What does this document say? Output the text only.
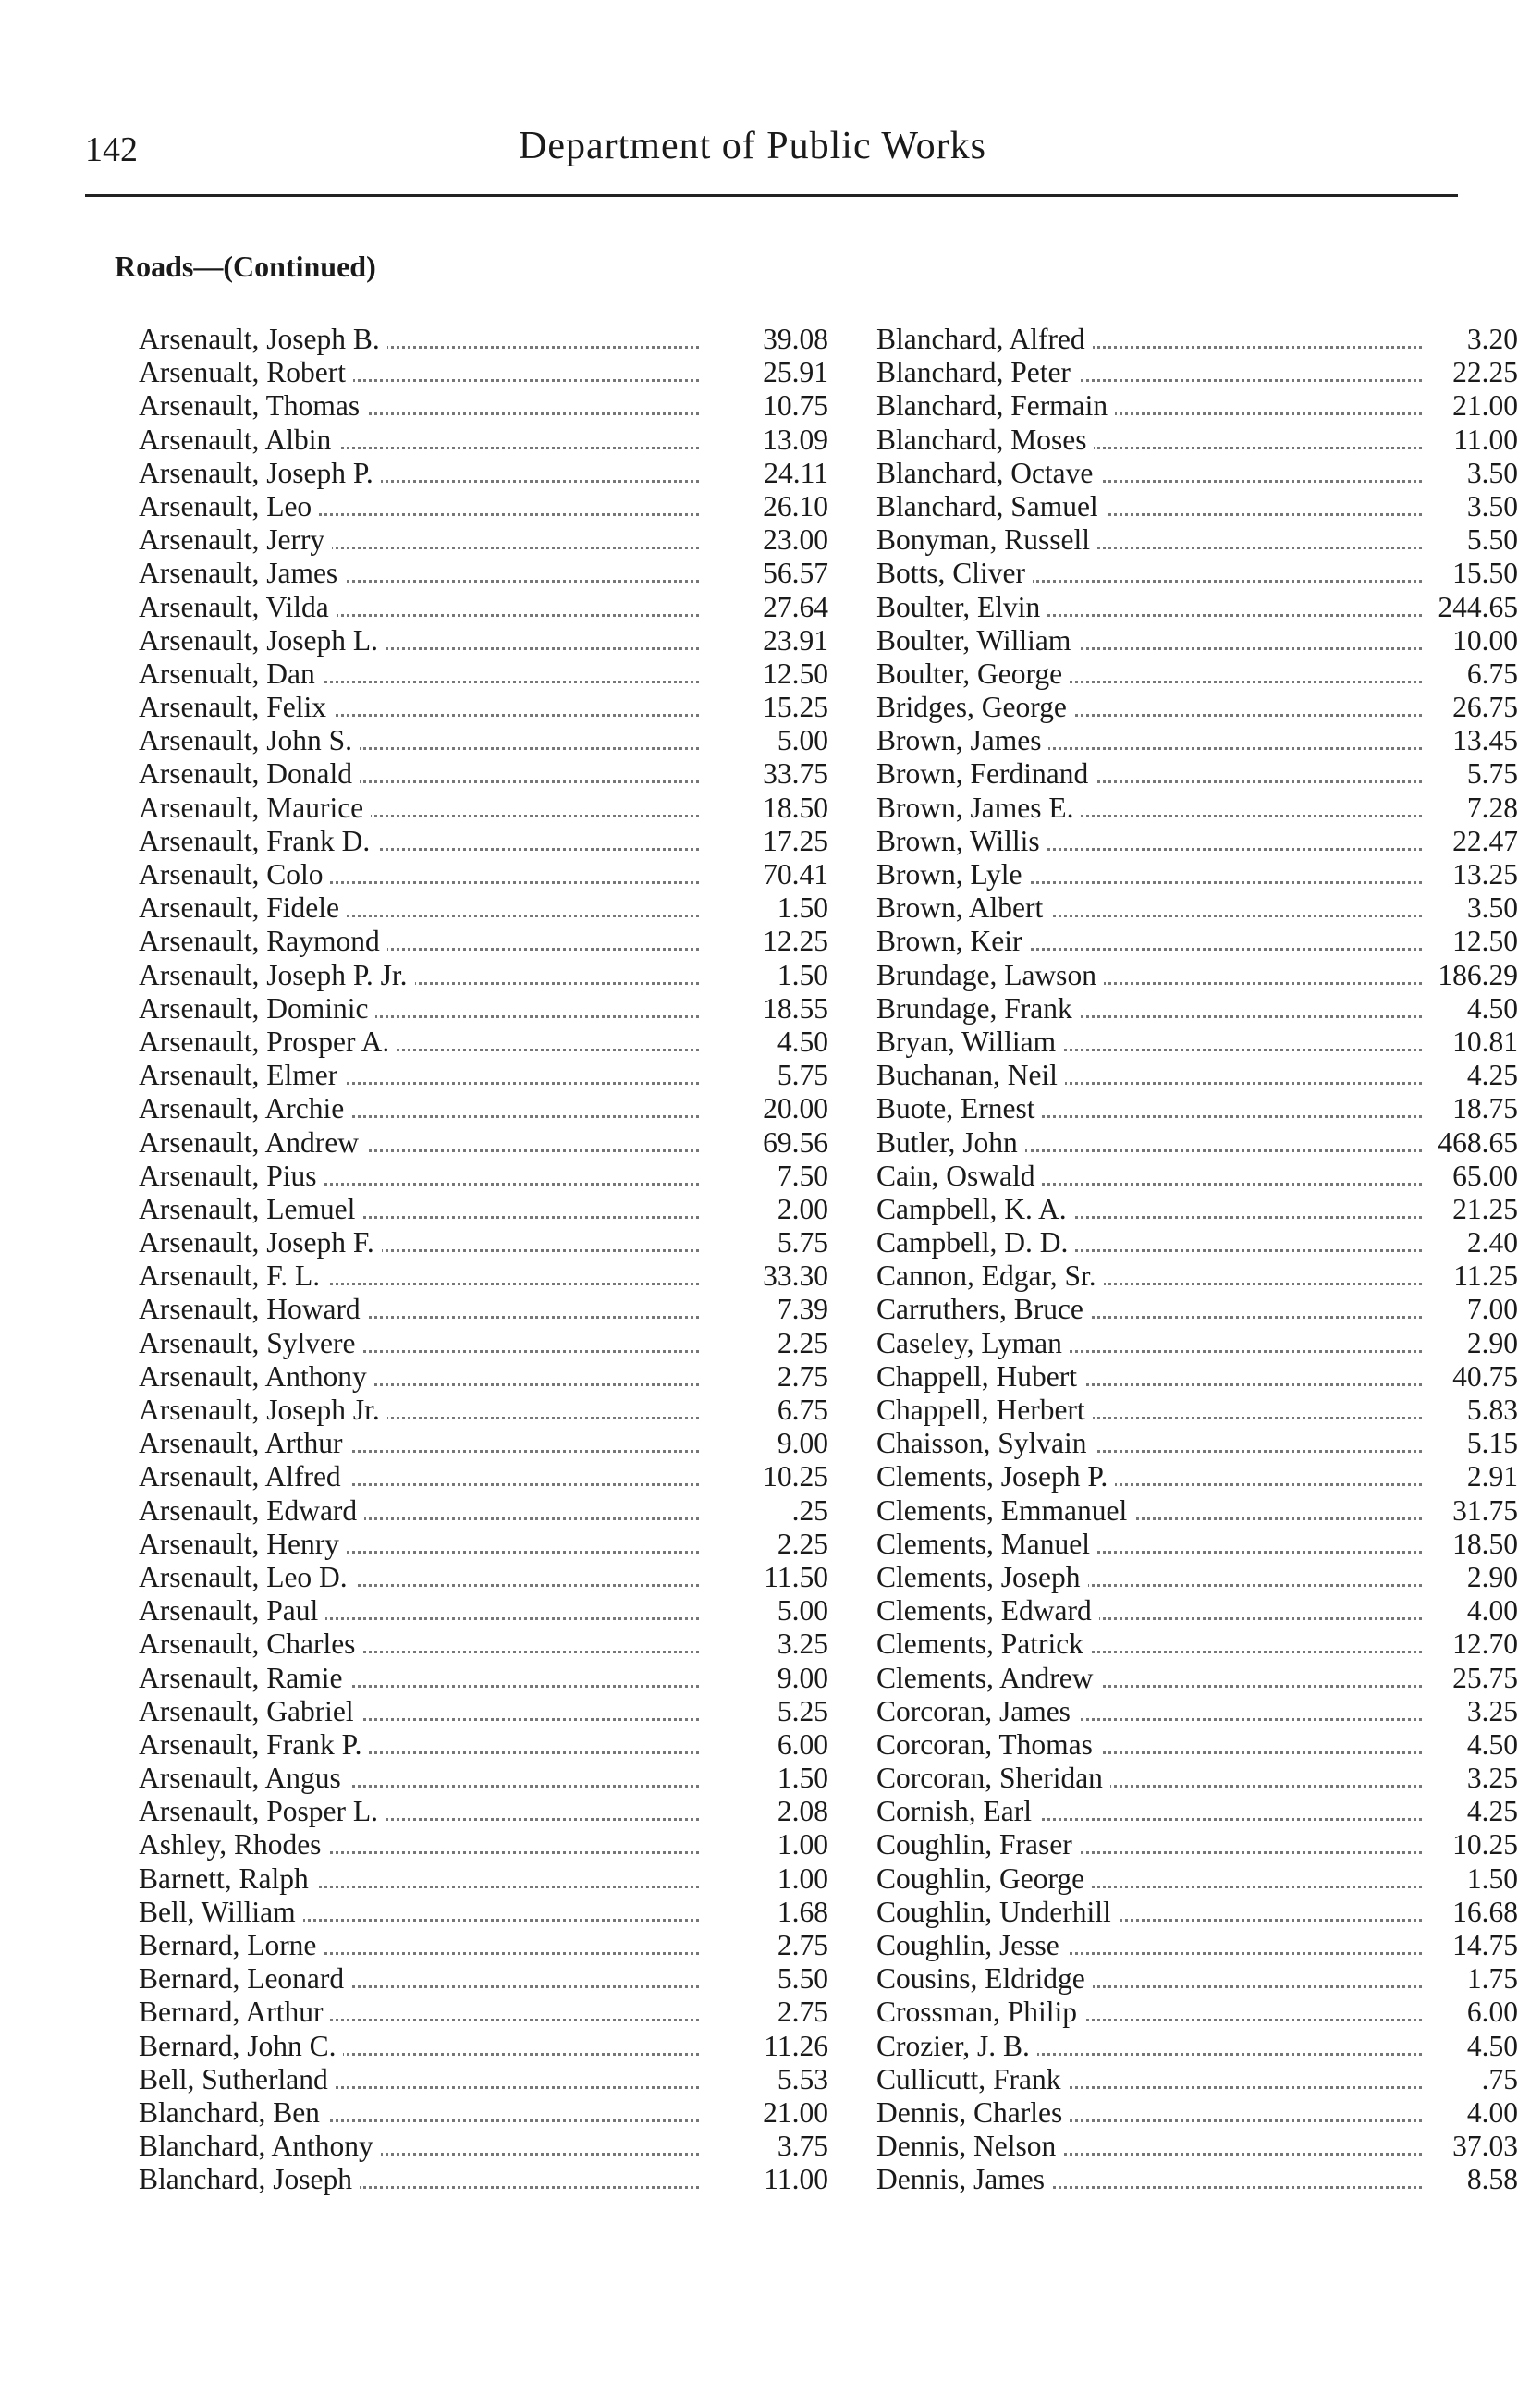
142	Department of Public Works
Roads—(Continued)
Arsenault, Joseph B.	39.08
Arsenualt, Robert	25.91
Arsenault, Thomas	10.75
Arsenault, Albin	13.09
Arsenault, Joseph P.	24.11
Arsenault, Leo	26.10
Arsenault, Jerry	23.00
Arsenault, James	56.57
Arsenault, Vilda	27.64
Arsenault, Joseph L.	23.91
Arsenualt, Dan	12.50
Arsenault, Felix	15.25
Arsenault, John S.	5.00
Arsenault, Donald	33.75
Arsenault, Maurice	18.50
Arsenault, Frank D.	17.25
Arsenault, Colo	70.41
Arsenault, Fidele	1.50
Arsenault, Raymond	12.25
Arsenault, Joseph P. Jr.	1.50
Arsenault, Dominic	18.55
Arsenault, Prosper A.	4.50
Arsenault, Elmer	5.75
Arsenault, Archie	20.00
Arsenault, Andrew	69.56
Arsenault, Pius	7.50
Arsenault, Lemuel	2.00
Arsenault, Joseph F.	5.75
Arsenault, F. L.	33.30
Arsenault, Howard	7.39
Arsenault, Sylvere	2.25
Arsenault, Anthony	2.75
Arsenault, Joseph Jr.	6.75
Arsenault, Arthur	9.00
Arsenault, Alfred	10.25
Arsenault, Edward	.25
Arsenault, Henry	2.25
Arsenault, Leo D.	11.50
Arsenault, Paul	5.00
Arsenault, Charles	3.25
Arsenault, Ramie	9.00
Arsenault, Gabriel	5.25
Arsenault, Frank P.	6.00
Arsenault, Angus	1.50
Arsenault, Posper L.	2.08
Ashley, Rhodes	1.00
Barnett, Ralph	1.00
Bell, William	1.68
Bernard, Lorne	2.75
Bernard, Leonard	5.50
Bernard, Arthur	2.75
Bernard, John C.	11.26
Bell, Sutherland	5.53
Blanchard, Ben	21.00
Blanchard, Anthony	3.75
Blanchard, Joseph	11.00
Blanchard, Alfred	3.20
Blanchard, Peter	22.25
Blanchard, Fermain	21.00
Blanchard, Moses	11.00
Blanchard, Octave	3.50
Blanchard, Samuel	3.50
Bonyman, Russell	5.50
Botts, Cliver	15.50
Boulter, Elvin	244.65
Boulter, William	10.00
Boulter, George	6.75
Bridges, George	26.75
Brown, James	13.45
Brown, Ferdinand	5.75
Brown, James E.	7.28
Brown, Willis	22.47
Brown, Lyle	13.25
Brown, Albert	3.50
Brown, Keir	12.50
Brundage, Lawson	186.29
Brundage, Frank	4.50
Bryan, William	10.81
Buchanan, Neil	4.25
Buote, Ernest	18.75
Butler, John	468.65
Cain, Oswald	65.00
Campbell, K. A.	21.25
Campbell, D. D.	2.40
Cannon, Edgar, Sr.	11.25
Carruthers, Bruce	7.00
Caseley, Lyman	2.90
Chappell, Hubert	40.75
Chappell, Herbert	5.83
Chaisson, Sylvain	5.15
Clements, Joseph P.	2.91
Clements, Emmanuel	31.75
Clements, Manuel	18.50
Clements, Joseph	2.90
Clements, Edward	4.00
Clements, Patrick	12.70
Clements, Andrew	25.75
Corcoran, James	3.25
Corcoran, Thomas	4.50
Corcoran, Sheridan	3.25
Cornish, Earl	4.25
Coughlin, Fraser	10.25
Coughlin, George	1.50
Coughlin, Underhill	16.68
Coughlin, Jesse	14.75
Cousins, Eldridge	1.75
Crossman, Philip	6.00
Crozier, J. B.	4.50
Cullicutt, Frank	.75
Dennis, Charles	4.00
Dennis, Nelson	37.03
Dennis, James	8.58
